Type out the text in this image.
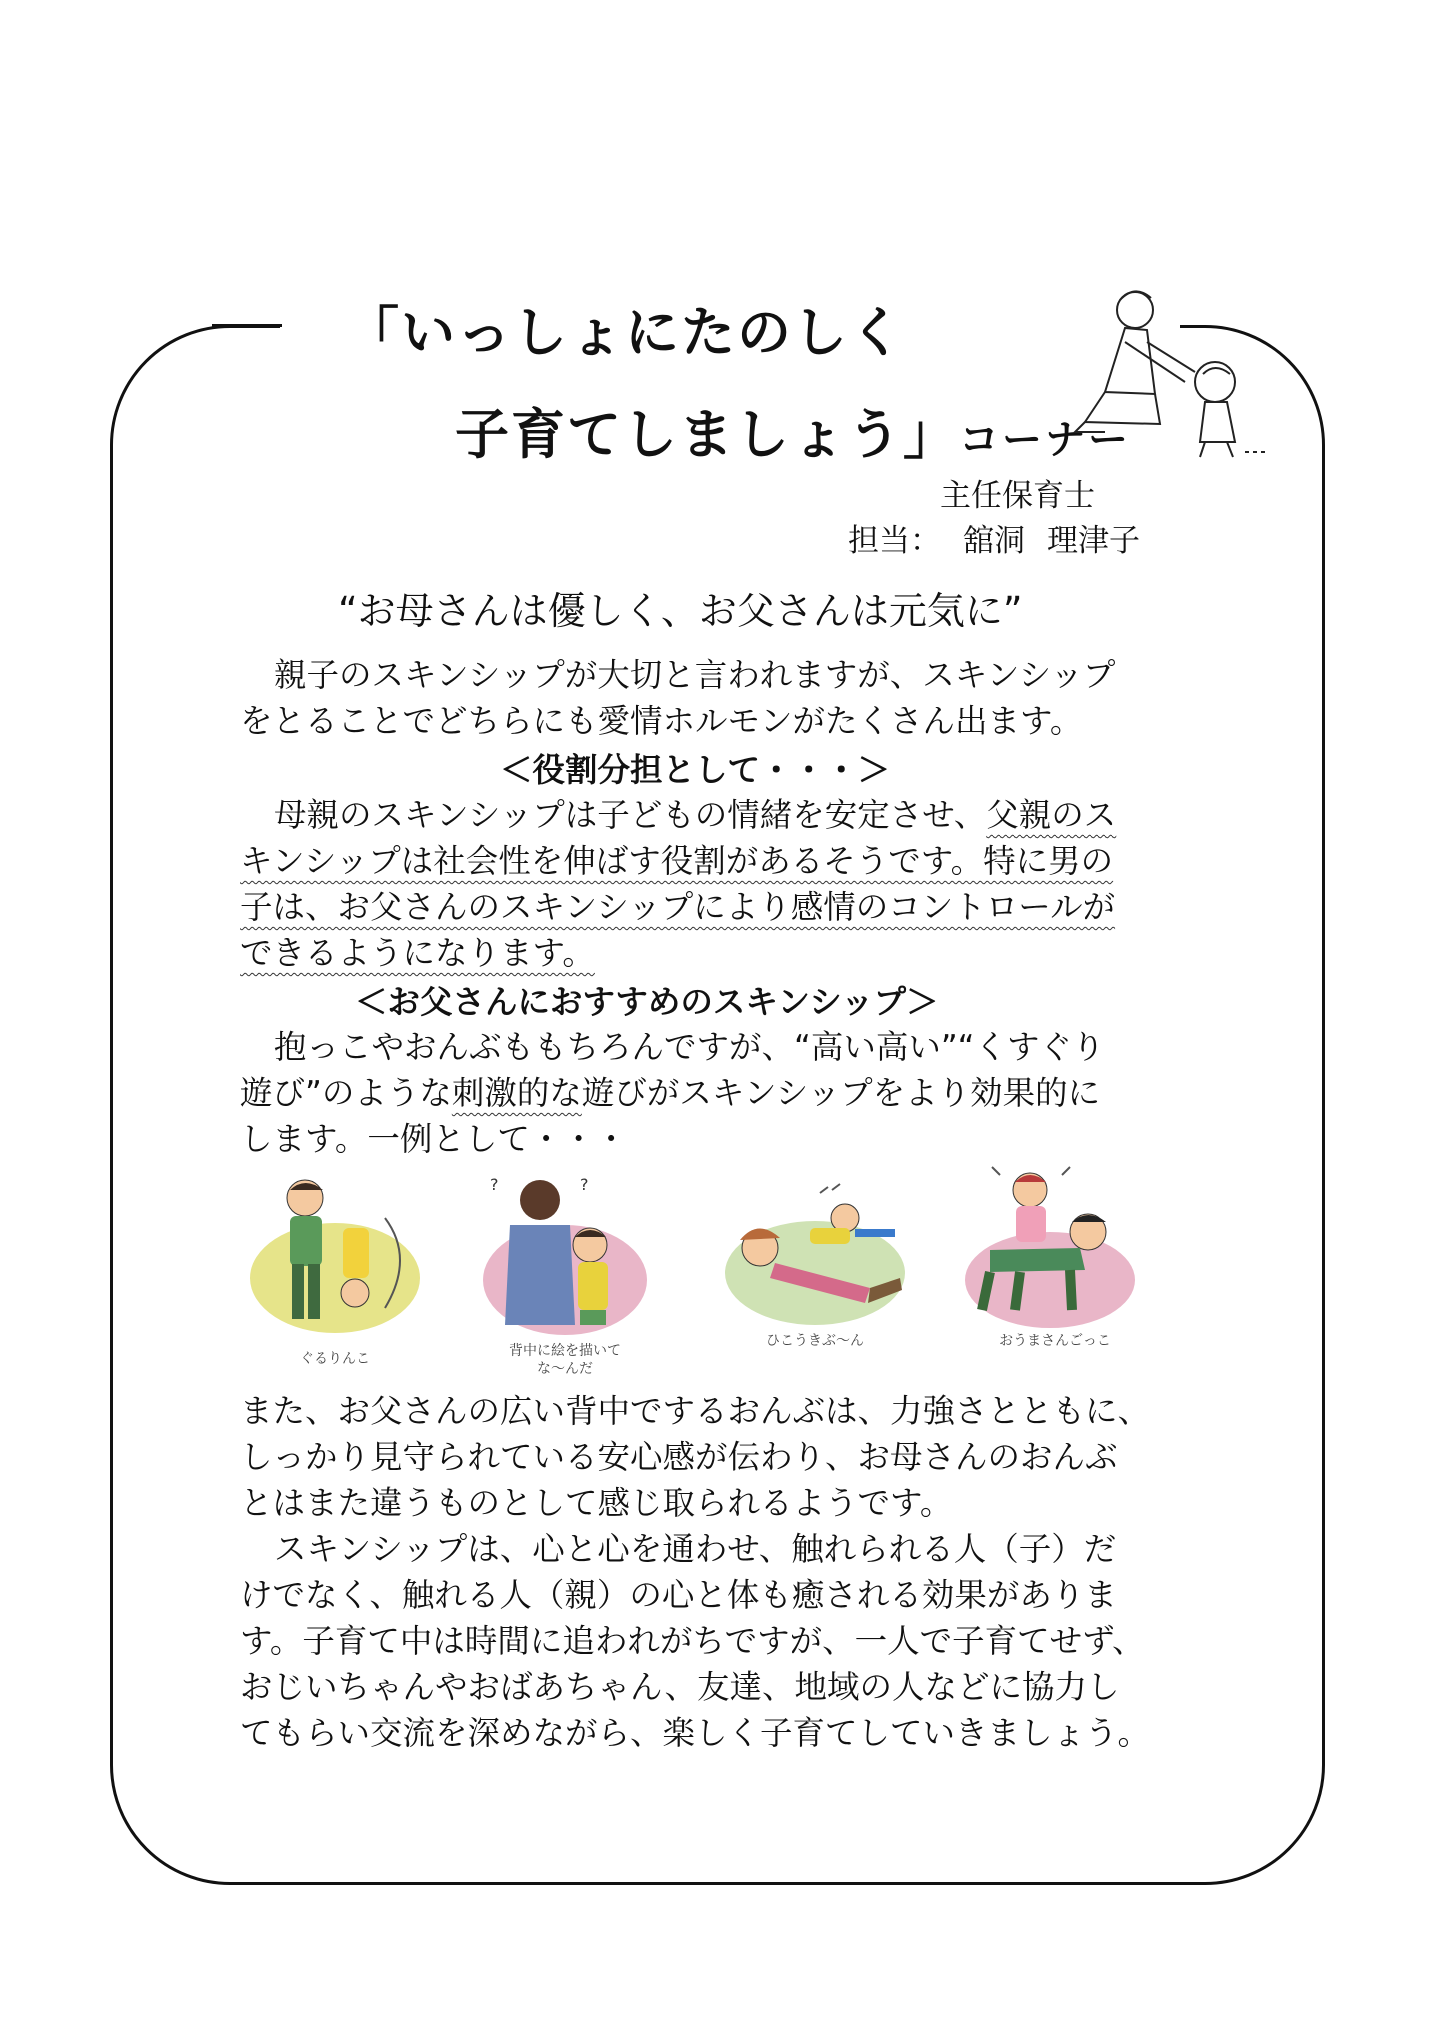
「いっしょにたのしく
子育てしましょう」コーナー
主任保育士
担当： 舘洞 理津子
“お母さんは優しく、お父さんは元気に”

親子のスキンシップが大切と言われますが、スキンシップ

をとることでどちらにも愛情ホルモンがたくさん出ます。

＜役割分担として・・・＞

母親のスキンシップは子どもの情緒を安定させ、父親のス

キンシップは社会性を伸ばす役割があるそうです。特に男の

子は、お父さんのスキンシップにより感情のコントロールが

できるようになります。

＜お父さんにおすすめのスキンシップ＞

抱っこやおんぶももちろんですが、“高い高い”“くすぐり

遊び”のような刺激的な遊びがスキンシップをより効果的に

します。一例として・・・

ぐるりんこ
?	?
背中に絵を描いて
な〜んだ
ひこうきぶ〜ん	おうまさんごっこ

また、お父さんの広い背中でするおんぶは、力強さとともに、

しっかり見守られている安心感が伝わり、お母さんのおんぶ

とはまた違うものとして感じ取られるようです。

スキンシップは、心と心を通わせ、触れられる人（子）だ

けでなく、触れる人（親）の心と体も癒される効果がありま

す。子育て中は時間に追われがちですが、一人で子育てせず、

おじいちゃんやおばあちゃん、友達、地域の人などに協力し

てもらい交流を深めながら、楽しく子育てしていきましょう。
